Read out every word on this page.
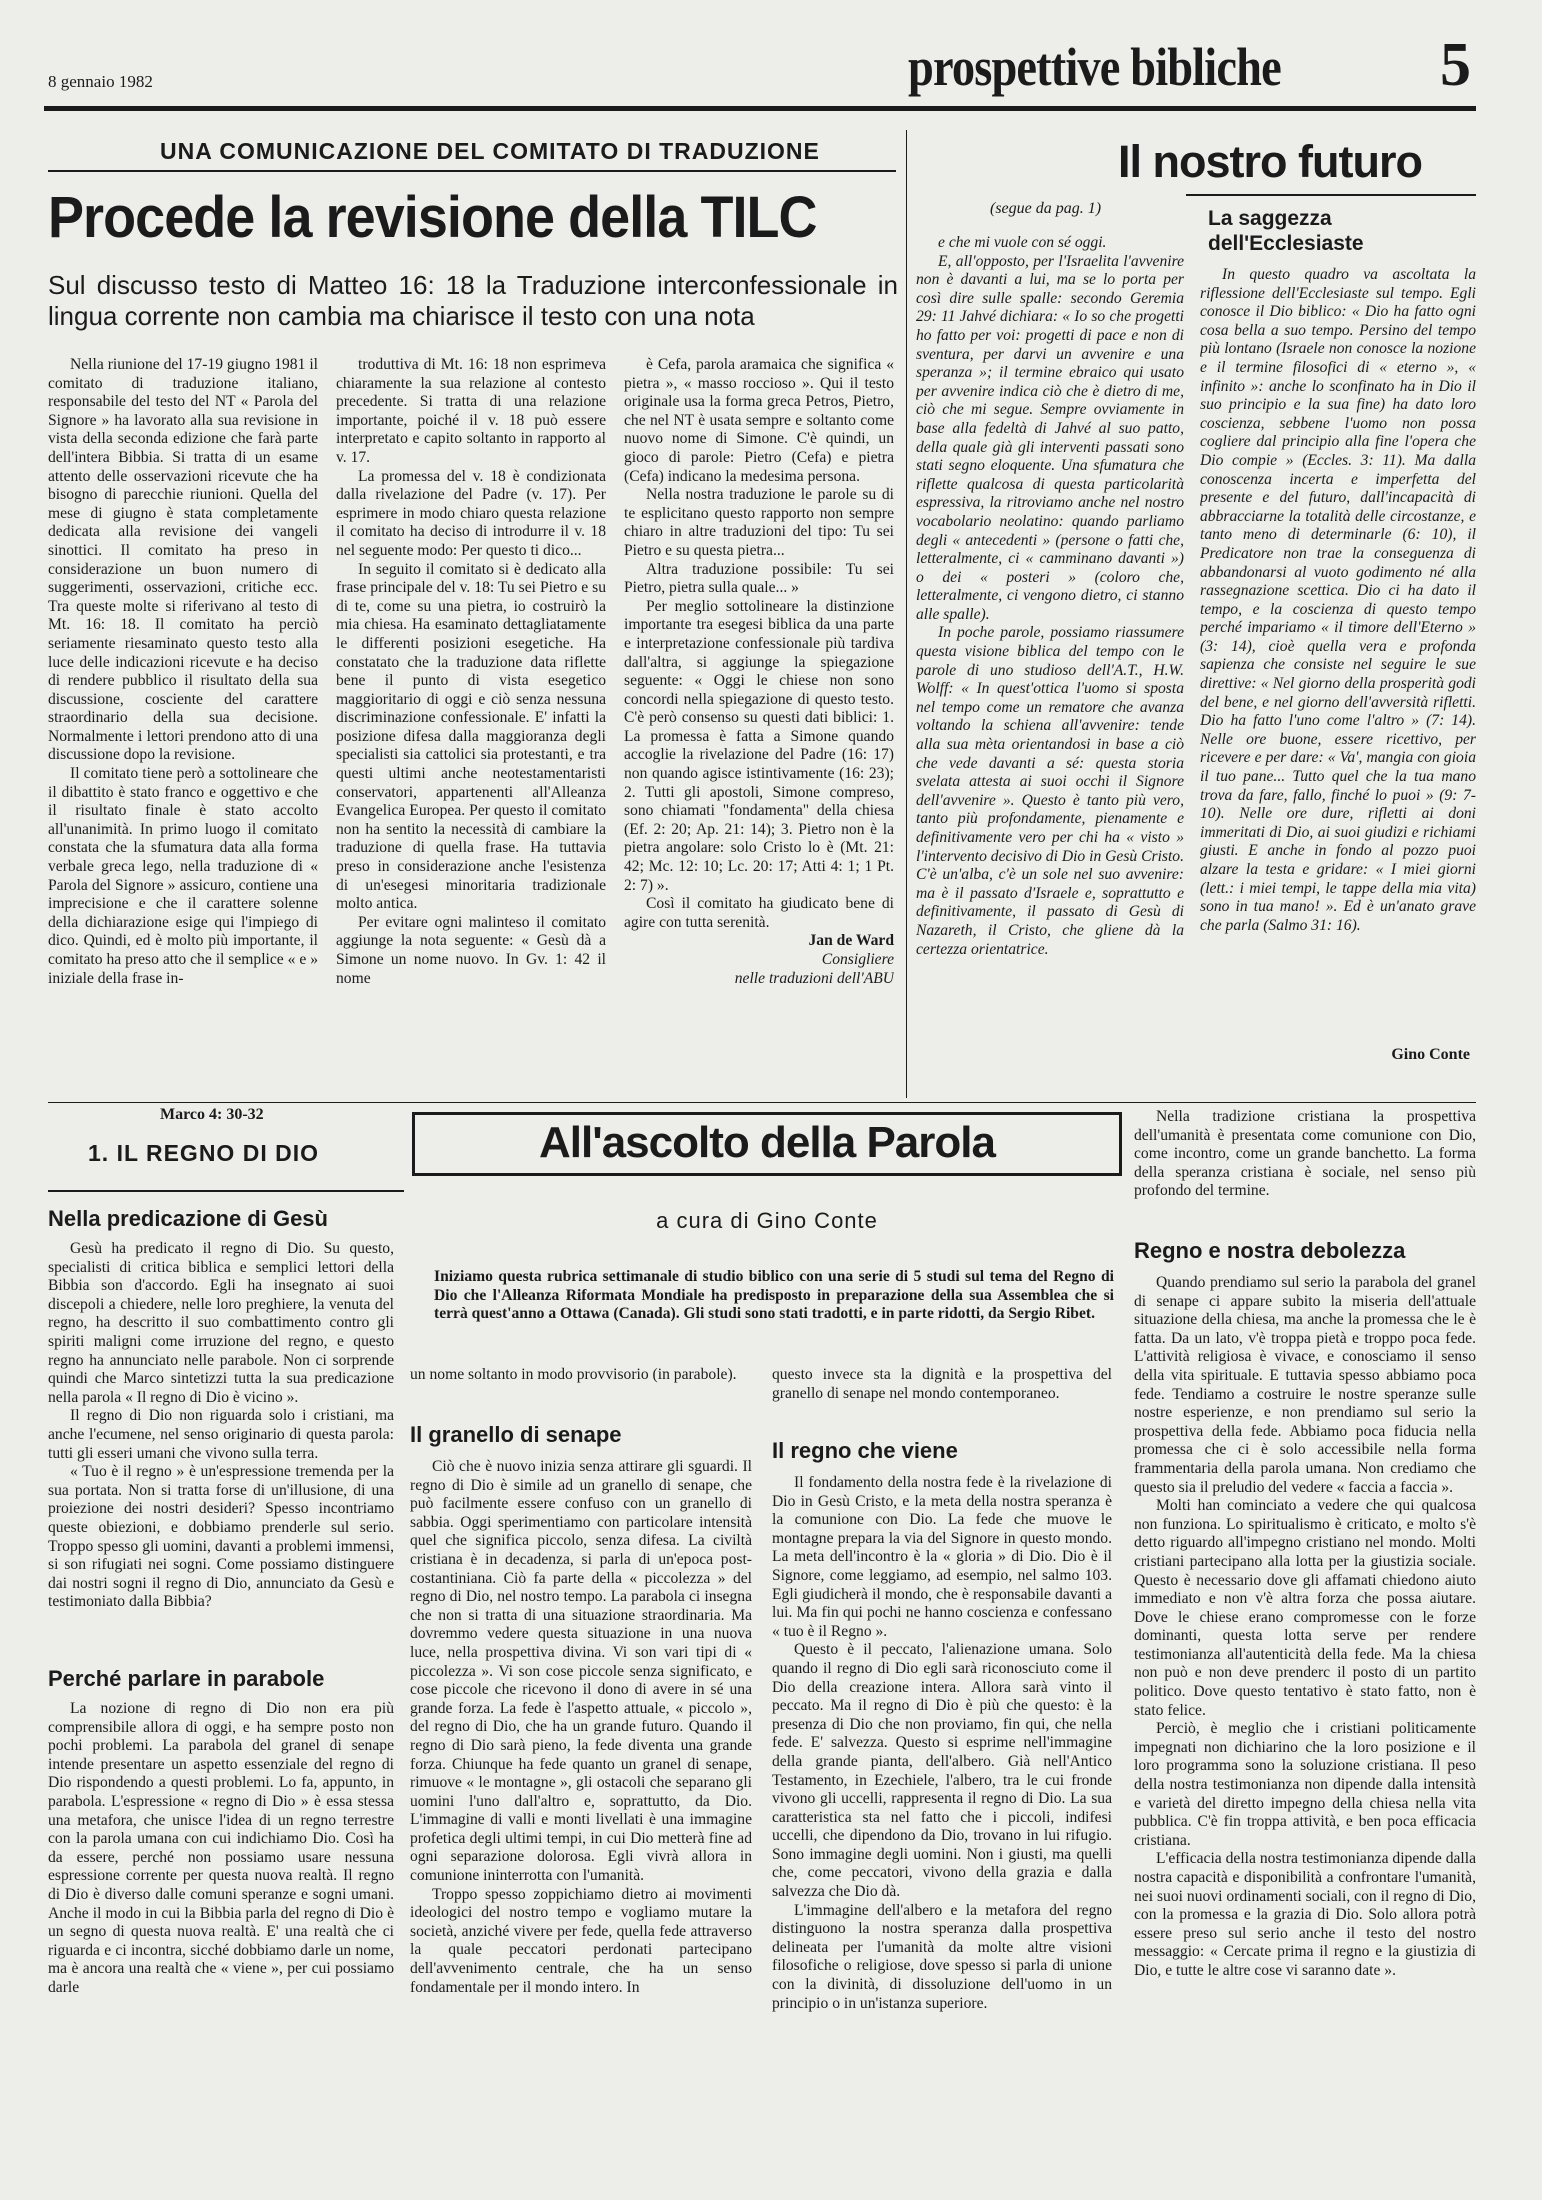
8 gennaio 1982	prospettive bibliche	5
UNA COMUNICAZIONE DEL COMITATO DI TRADUZIONE
Procede la revisione della TILC
Sul discusso testo di Matteo 16: 18 la Traduzione interconfessionale in lingua corrente non cambia ma chiarisce il testo con una nota

Nella riunione del 17-19 giugno 1981 il comitato di traduzione italiano, responsabile del testo del NT « Parola del Signore » ha lavorato alla sua revisione in vista della seconda edizione che farà parte dell'intera Bibbia. Si tratta di un esame attento delle osservazioni ricevute che ha bisogno di parecchie riunioni. Quella del mese di giugno è stata completamente dedicata alla revisione dei vangeli sinottici. Il comitato ha preso in considerazione un buon numero di suggerimenti, osservazioni, critiche ecc. Tra queste molte si riferivano al testo di Mt. 16: 18. Il comitato ha perciò seriamente riesaminato questo testo alla luce delle indicazioni ricevute e ha deciso di rendere pubblico il risultato della sua discussione, cosciente del carattere straordinario della sua decisione. Normalmente i lettori prendono atto di una discussione dopo la revisione.

Il comitato tiene però a sottolineare che il dibattito è stato franco e oggettivo e che il risultato finale è stato accolto all'unanimità. In primo luogo il comitato constata che la sfumatura data alla forma verbale greca lego, nella traduzione di « Parola del Signore » assicuro, contiene una imprecisione e che il carattere solenne della dichiarazione esige qui l'impiego di dico. Quindi, ed è molto più importante, il comitato ha preso atto che il semplice « e » iniziale della frase in-

troduttiva di Mt. 16: 18 non esprimeva chiaramente la sua relazione al contesto precedente. Si tratta di una relazione importante, poiché il v. 18 può essere interpretato e capito soltanto in rapporto al v. 17.

La promessa del v. 18 è condizionata dalla rivelazione del Padre (v. 17). Per esprimere in modo chiaro questa relazione il comitato ha deciso di introdurre il v. 18 nel seguente modo: Per questo ti dico...

In seguito il comitato si è dedicato alla frase principale del v. 18: Tu sei Pietro e su di te, come su una pietra, io costruirò la mia chiesa. Ha esaminato dettagliatamente le differenti posizioni esegetiche. Ha constatato che la traduzione data riflette bene il punto di vista esegetico maggioritario di oggi e ciò senza nessuna discriminazione confessionale. E' infatti la posizione difesa dalla maggioranza degli specialisti sia cattolici sia protestanti, e tra questi ultimi anche neotestamentaristi conservatori, appartenenti all'Alleanza Evangelica Europea. Per questo il comitato non ha sentito la necessità di cambiare la traduzione di quella frase. Ha tuttavia preso in considerazione anche l'esistenza di un'esegesi minoritaria tradizionale molto antica.

Per evitare ogni malinteso il comitato aggiunge la nota seguente: « Gesù dà a Simone un nome nuovo. In Gv. 1: 42 il nome

è Cefa, parola aramaica che significa « pietra », « masso roccioso ». Qui il testo originale usa la forma greca Petros, Pietro, che nel NT è usata sempre e soltanto come nuovo nome di Simone. C'è quindi, un gioco di parole: Pietro (Cefa) e pietra (Cefa) indicano la medesima persona.

Nella nostra traduzione le parole su di te esplicitano questo rapporto non sempre chiaro in altre traduzioni del tipo: Tu sei Pietro e su questa pietra...

Altra traduzione possibile: Tu sei Pietro, pietra sulla quale... »

Per meglio sottolineare la distinzione importante tra esegesi biblica da una parte e interpretazione confessionale più tardiva dall'altra, si aggiunge la spiegazione seguente: « Oggi le chiese non sono concordi nella spiegazione di questo testo. C'è però consenso su questi dati biblici: 1. La promessa è fatta a Simone quando accoglie la rivelazione del Padre (16: 17) non quando agisce istintivamente (16: 23); 2. Tutti gli apostoli, Simone compreso, sono chiamati "fondamenta" della chiesa (Ef. 2: 20; Ap. 21: 14); 3. Pietro non è la pietra angolare: solo Cristo lo è (Mt. 21: 42; Mc. 12: 10; Lc. 20: 17; Atti 4: 1; 1 Pt. 2: 7) ».

Così il comitato ha giudicato bene di agire con tutta serenità.

Jan de Ward
Consigliere
nelle traduzioni dell'ABU
(segue da pag. 1)
Il nostro futuro

e che mi vuole con sé oggi.

E, all'opposto, per l'Israelita l'avvenire non è davanti a lui, ma se lo porta per così dire sulle spalle: secondo Geremia 29: 11 Jahvé dichiara: « Io so che progetti ho fatto per voi: progetti di pace e non di sventura, per darvi un avvenire e una speranza »; il termine ebraico qui usato per avvenire indica ciò che è dietro di me, ciò che mi segue. Sempre ovviamente in base alla fedeltà di Jahvé al suo patto, della quale già gli interventi passati sono stati segno eloquente. Una sfumatura che riflette qualcosa di questa particolarità espressiva, la ritroviamo anche nel nostro vocabolario neolatino: quando parliamo degli « antecedenti » (persone o fatti che, letteralmente, ci « camminano davanti ») o dei « posteri » (coloro che, letteralmente, ci vengono dietro, ci stanno alle spalle).

In poche parole, possiamo riassumere questa visione biblica del tempo con le parole di uno studioso dell'A.T., H.W. Wolff: « In quest'ottica l'uomo si sposta nel tempo come un rematore che avanza voltando la schiena all'avvenire: tende alla sua mèta orientandosi in base a ciò che vede davanti a sé: questa storia svelata attesta ai suoi occhi il Signore dell'avvenire ». Questo è tanto più vero, tanto più profondamente, pienamente e definitivamente vero per chi ha « visto » l'intervento decisivo di Dio in Gesù Cristo. C'è un'alba, c'è un sole nel suo avvenire: ma è il passato d'Israele e, soprattutto e definitivamente, il passato di Gesù di Nazareth, il Cristo, che gliene dà la certezza orientatrice.

La saggezza dell'Ecclesiaste

In questo quadro va ascoltata la riflessione dell'Ecclesiaste sul tempo. Egli conosce il Dio biblico: « Dio ha fatto ogni cosa bella a suo tempo. Persino del tempo più lontano (Israele non conosce la nozione e il termine filosofici di « eterno », « infinito »: anche lo sconfinato ha in Dio il suo principio e la sua fine) ha dato loro coscienza, sebbene l'uomo non possa cogliere dal principio alla fine l'opera che Dio compie » (Eccles. 3: 11). Ma dalla conoscenza incerta e imperfetta del presente e del futuro, dall'incapacità di abbracciarne la totalità delle circostanze, e tanto meno di determinarle (6: 10), il Predicatore non trae la conseguenza di abbandonarsi al vuoto godimento né alla rassegnazione scettica. Dio ci ha dato il tempo, e la coscienza di questo tempo perché impariamo « il timore dell'Eterno » (3: 14), cioè quella vera e profonda sapienza che consiste nel seguire le sue direttive: « Nel giorno della prosperità godi del bene, e nel giorno dell'avversità rifletti. Dio ha fatto l'uno come l'altro » (7: 14). Nelle ore buone, essere ricettivo, per ricevere e per dare: « Va', mangia con gioia il tuo pane... Tutto quel che la tua mano trova da fare, fallo, finché lo puoi » (9: 7-10). Nelle ore dure, rifletti ai doni immeritati di Dio, ai suoi giudizi e richiami giusti. E anche in fondo al pozzo puoi alzare la testa e gridare: « I miei giorni (lett.: i miei tempi, le tappe della mia vita) sono in tua mano! ». Ed è un'anato grave che parla (Salmo 31: 16).

Gino Conte
Marco 4: 30-32
1. IL REGNO DI DIO	All'ascolto della Parola
a cura di Gino Conte
Iniziamo questa rubrica settimanale di studio biblico con una serie di 5 studi sul tema del Regno di Dio che l'Alleanza Riformata Mondiale ha predisposto in preparazione della sua Assemblea che si terrà quest'anno a Ottawa (Canada). Gli studi sono stati tradotti, e in parte ridotti, da Sergio Ribet.
Nella predicazione di Gesù

Gesù ha predicato il regno di Dio. Su questo, specialisti di critica biblica e semplici lettori della Bibbia son d'accordo. Egli ha insegnato ai suoi discepoli a chiedere, nelle loro preghiere, la venuta del regno, ha descritto il suo combattimento contro gli spiriti maligni come irruzione del regno, e questo regno ha annunciato nelle parabole. Non ci sorprende quindi che Marco sintetizzi tutta la sua predicazione nella parola « Il regno di Dio è vicino ».

Il regno di Dio non riguarda solo i cristiani, ma anche l'ecumene, nel senso originario di questa parola: tutti gli esseri umani che vivono sulla terra.

« Tuo è il regno » è un'espressione tremenda per la sua portata. Non si tratta forse di un'illusione, di una proiezione dei nostri desideri? Spesso incontriamo queste obiezioni, e dobbiamo prenderle sul serio. Troppo spesso gli uomini, davanti a problemi immensi, si son rifugiati nei sogni. Come possiamo distinguere dai nostri sogni il regno di Dio, annunciato da Gesù e testimoniato dalla Bibbia?

Perché parlare in parabole

La nozione di regno di Dio non era più comprensibile allora di oggi, e ha sempre posto non pochi problemi. La parabola del granel di senape intende presentare un aspetto essenziale del regno di Dio rispondendo a questi problemi. Lo fa, appunto, in parabola. L'espressione « regno di Dio » è essa stessa una metafora, che unisce l'idea di un regno terrestre con la parola umana con cui indichiamo Dio. Così ha da essere, perché non possiamo usare nessuna espressione corrente per questa nuova realtà. Il regno di Dio è diverso dalle comuni speranze e sogni umani. Anche il modo in cui la Bibbia parla del regno di Dio è un segno di questa nuova realtà. E' una realtà che ci riguarda e ci incontra, sicché dobbiamo darle un nome, ma è ancora una realtà che « viene », per cui possiamo darle

un nome soltanto in modo provvisorio (in parabole).

Il granello di senape

Ciò che è nuovo inizia senza attirare gli sguardi. Il regno di Dio è simile ad un granello di senape, che può facilmente essere confuso con un granello di sabbia. Oggi sperimentiamo con particolare intensità quel che significa piccolo, senza difesa. La civiltà cristiana è in decadenza, si parla di un'epoca post-costantiniana. Ciò fa parte della « piccolezza » del regno di Dio, nel nostro tempo. La parabola ci insegna che non si tratta di una situazione straordinaria. Ma dovremmo vedere questa situazione in una nuova luce, nella prospettiva divina. Vi son vari tipi di « piccolezza ». Vi son cose piccole senza significato, e cose piccole che ricevono il dono di avere in sé una grande forza. La fede è l'aspetto attuale, « piccolo », del regno di Dio, che ha un grande futuro. Quando il regno di Dio sarà pieno, la fede diventa una grande forza. Chiunque ha fede quanto un granel di senape, rimuove « le montagne », gli ostacoli che separano gli uomini l'uno dall'altro e, soprattutto, da Dio. L'immagine di valli e monti livellati è una immagine profetica degli ultimi tempi, in cui Dio metterà fine ad ogni separazione dolorosa. Egli vivrà allora in comunione ininterrotta con l'umanità.

Troppo spesso zoppichiamo dietro ai movimenti ideologici del nostro tempo e vogliamo mutare la società, anziché vivere per fede, quella fede attraverso la quale peccatori perdonati partecipano dell'avvenimento centrale, che ha un senso fondamentale per il mondo intero. In

questo invece sta la dignità e la prospettiva del granello di senape nel mondo contemporaneo.

Il regno che viene

Il fondamento della nostra fede è la rivelazione di Dio in Gesù Cristo, e la meta della nostra speranza è la comunione con Dio. La fede che muove le montagne prepara la via del Signore in questo mondo. La meta dell'incontro è la « gloria » di Dio. Dio è il Signore, come leggiamo, ad esempio, nel salmo 103. Egli giudicherà il mondo, che è responsabile davanti a lui. Ma fin qui pochi ne hanno coscienza e confessano « tuo è il Regno ».

Questo è il peccato, l'alienazione umana. Solo quando il regno di Dio egli sarà riconosciuto come il Dio della creazione intera. Allora sarà vinto il peccato. Ma il regno di Dio è più che questo: è la presenza di Dio che non proviamo, fin qui, che nella fede. E' salvezza. Questo si esprime nell'immagine della grande pianta, dell'albero. Già nell'Antico Testamento, in Ezechiele, l'albero, tra le cui fronde vivono gli uccelli, rappresenta il regno di Dio. La sua caratteristica sta nel fatto che i piccoli, indifesi uccelli, che dipendono da Dio, trovano in lui rifugio. Sono immagine degli uomini. Non i giusti, ma quelli che, come peccatori, vivono della grazia e dalla salvezza che Dio dà.

L'immagine dell'albero e la metafora del regno distinguono la nostra speranza dalla prospettiva delineata per l'umanità da molte altre visioni filosofiche o religiose, dove spesso si parla di unione con la divinità, di dissoluzione dell'uomo in un principio o in un'istanza superiore.

Nella tradizione cristiana la prospettiva dell'umanità è presentata come comunione con Dio, come incontro, come un grande banchetto. La forma della speranza cristiana è sociale, nel senso più profondo del termine.

Regno e nostra debolezza

Quando prendiamo sul serio la parabola del granel di senape ci appare subito la miseria dell'attuale situazione della chiesa, ma anche la promessa che le è fatta. Da un lato, v'è troppa pietà e troppo poca fede. L'attività religiosa è vivace, e conosciamo il senso della vita spirituale. E tuttavia spesso abbiamo poca fede. Tendiamo a costruire le nostre speranze sulle nostre esperienze, e non prendiamo sul serio la prospettiva della fede. Abbiamo poca fiducia nella promessa che ci è solo accessibile nella forma frammentaria della parola umana. Non crediamo che questo sia il preludio del vedere « faccia a faccia ».

Molti han cominciato a vedere che qui qualcosa non funziona. Lo spiritualismo è criticato, e molto s'è detto riguardo all'impegno cristiano nel mondo. Molti cristiani partecipano alla lotta per la giustizia sociale. Questo è necessario dove gli affamati chiedono aiuto immediato e non v'è altra forza che possa aiutare. Dove le chiese erano compromesse con le forze dominanti, questa lotta serve per rendere testimonianza all'autenticità della fede. Ma la chiesa non può e non deve prenderc il posto di un partito politico. Dove questo tentativo è stato fatto, non è stato felice.

Perciò, è meglio che i cristiani politicamente impegnati non dichiarino che la loro posizione e il loro programma sono la soluzione cristiana. Il peso della nostra testimonianza non dipende dalla intensità e varietà del diretto impegno della chiesa nella vita pubblica. C'è fin troppa attività, e ben poca efficacia cristiana.

L'efficacia della nostra testimonianza dipende dalla nostra capacità e disponibilità a confrontare l'umanità, nei suoi nuovi ordinamenti sociali, con il regno di Dio, con la promessa e la grazia di Dio. Solo allora potrà essere preso sul serio anche il testo del nostro messaggio: « Cercate prima il regno e la giustizia di Dio, e tutte le altre cose vi saranno date ».
